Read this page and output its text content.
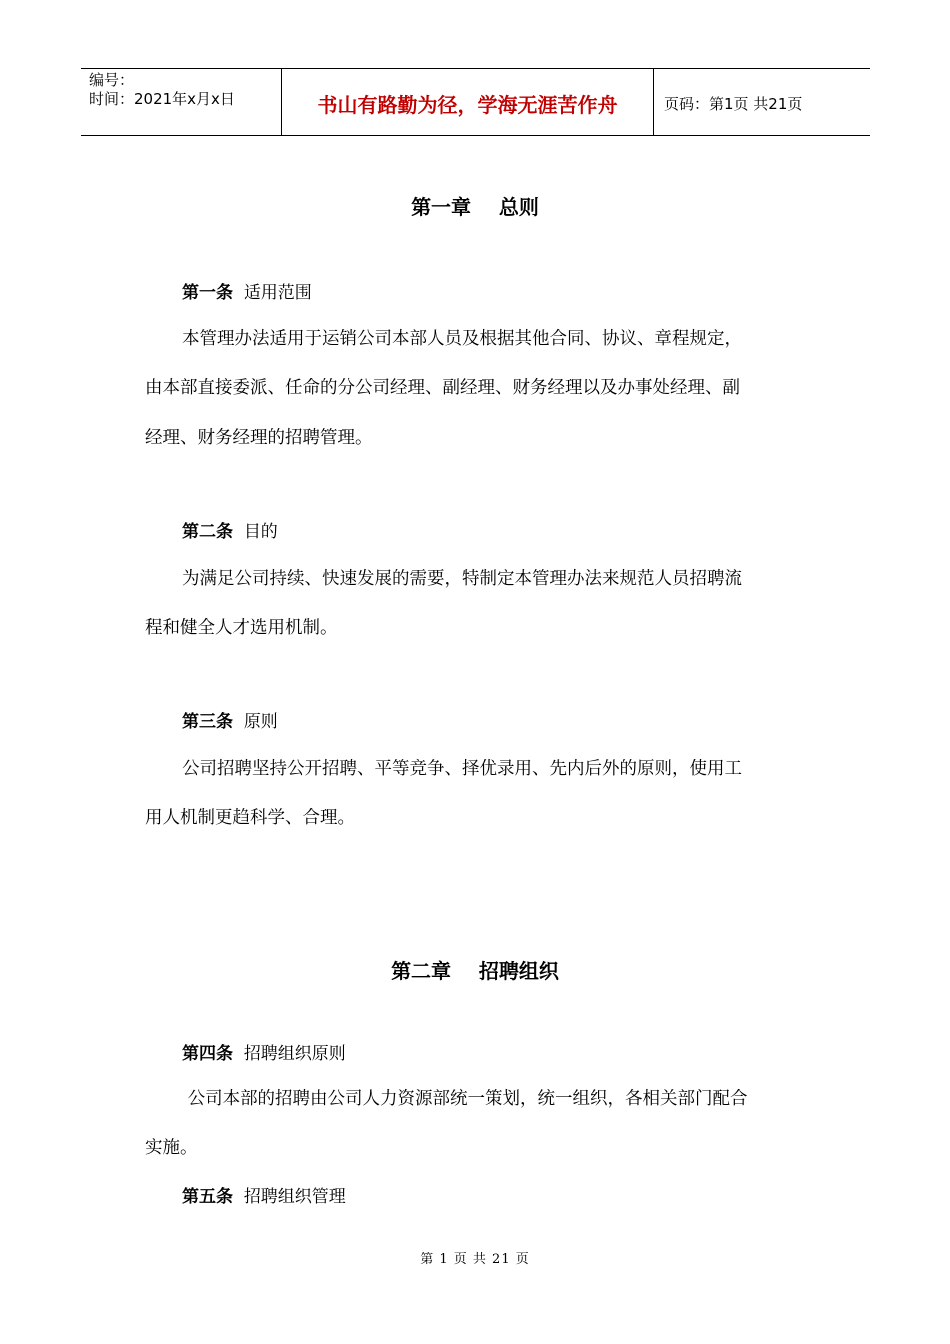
编号：
时间：2021年x月x日	书山有路勤为径，学海无涯苦作舟	页码：第1页 共21页
第一章    总则
第一条 适用范围
本管理办法适用于运销公司本部人员及根据其他合同、协议、章程规定，
由本部直接委派、任命的分公司经理、副经理、财务经理以及办事处经理、副
经理、财务经理的招聘管理。
第二条 目的
为满足公司持续、快速发展的需要，特制定本管理办法来规范人员招聘流
程和健全人才选用机制。
第三条 原则
公司招聘坚持公开招聘、平等竞争、择优录用、先内后外的原则，使用工
用人机制更趋科学、合理。
第二章    招聘组织
第四条 招聘组织原则
公司本部的招聘由公司人力资源部统一策划，统一组织，各相关部门配合
实施。
第五条 招聘组织管理
第 1 页 共 21 页
